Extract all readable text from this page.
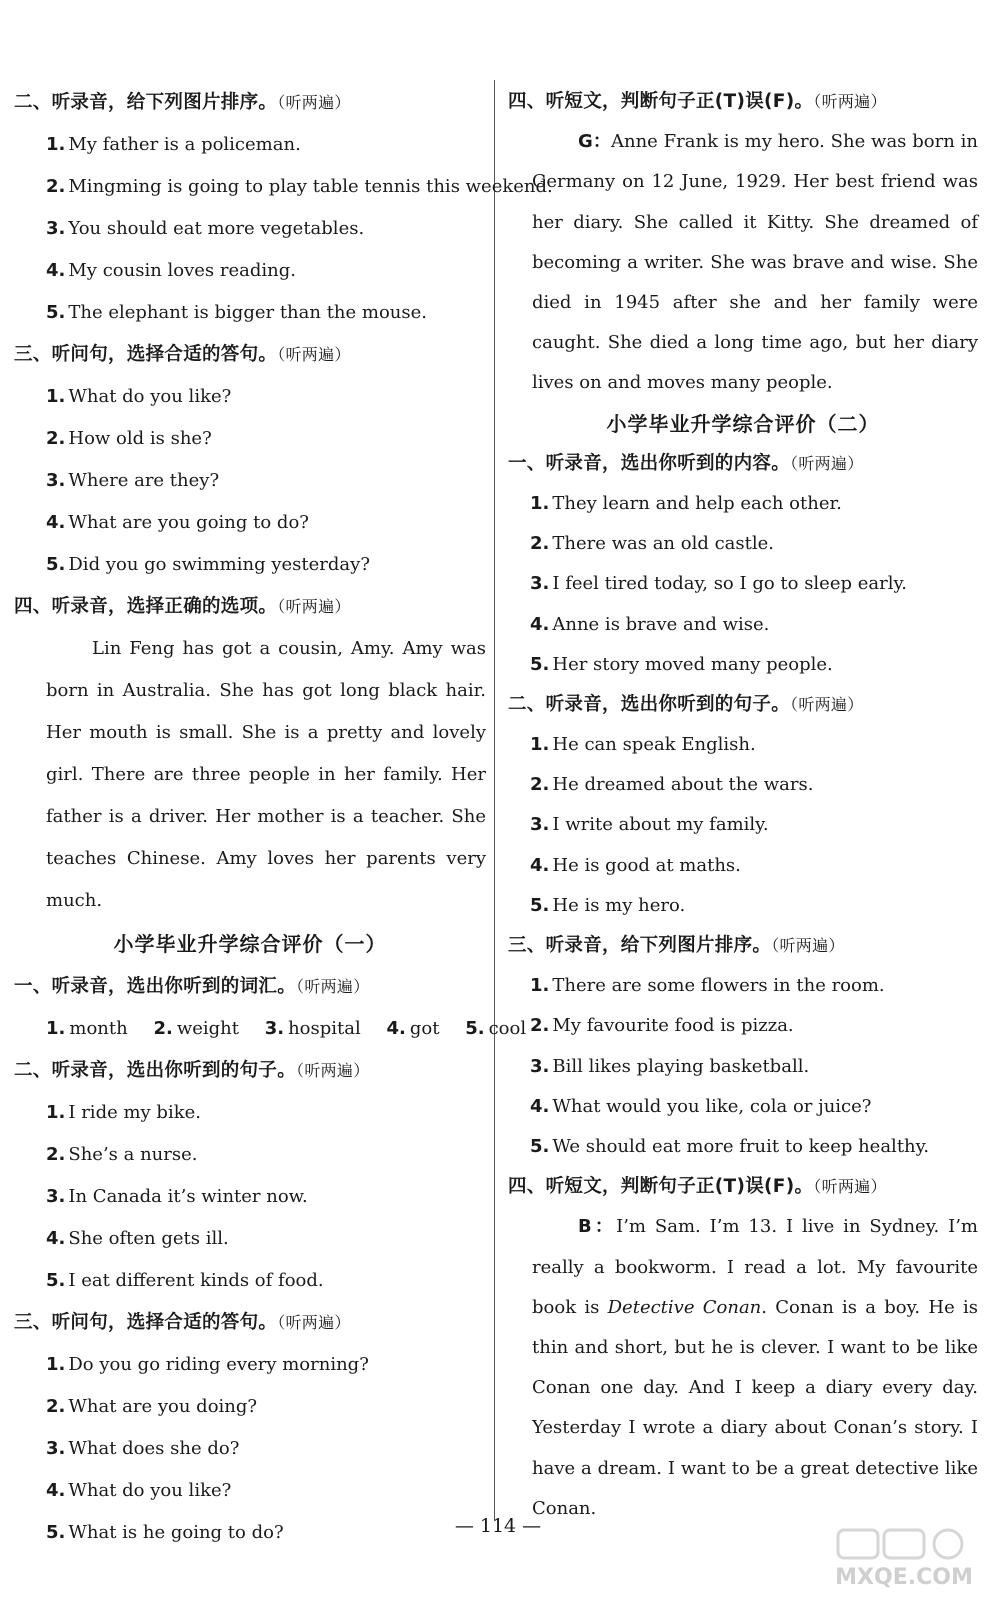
二、听录音，给下列图片排序。（听两遍）
1. My father is a policeman.
2. Mingming is going to play table tennis this weekend.
3. You should eat more vegetables.
4. My cousin loves reading.
5. The elephant is bigger than the mouse.
三、听问句，选择合适的答句。（听两遍）
1. What do you like?
2. How old is she?
3. Where are they?
4. What are you going to do?
5. Did you go swimming yesterday?
四、听录音，选择正确的选项。（听两遍）
Lin Feng has got a cousin, Amy. Amy was born in Australia. She has got long black hair. Her mouth is small. She is a pretty and lovely girl. There are three people in her family. Her father is a driver. Her mother is a teacher. She teaches Chinese. Amy loves her parents very much.
小学毕业升学综合评价（一）
一、听录音，选出你听到的词汇。（听两遍）
1. month 2. weight 3. hospital 4. got 5. cool
二、听录音，选出你听到的句子。（听两遍）
1. I ride my bike.
2. She’s a nurse.
3. In Canada it’s winter now.
4. She often gets ill.
5. I eat different kinds of food.
三、听问句，选择合适的答句。（听两遍）
1. Do you go riding every morning?
2. What are you doing?
3. What does she do?
4. What do you like?
5. What is he going to do?
四、听短文，判断句子正(T)误(F)。（听两遍）
G：Anne Frank is my hero. She was born in Germany on 12 June, 1929. Her best friend was her diary. She called it Kitty. She dreamed of becoming a writer. She was brave and wise. She died in 1945 after she and her family were caught. She died a long time ago, but her diary lives on and moves many people.
小学毕业升学综合评价（二）
一、听录音，选出你听到的内容。（听两遍）
1. They learn and help each other.
2. There was an old castle.
3. I feel tired today, so I go to sleep early.
4. Anne is brave and wise.
5. Her story moved many people.
二、听录音，选出你听到的句子。（听两遍）
1. He can speak English.
2. He dreamed about the wars.
3. I write about my family.
4. He is good at maths.
5. He is my hero.
三、听录音，给下列图片排序。（听两遍）
1. There are some flowers in the room.
2. My favourite food is pizza.
3. Bill likes playing basketball.
4. What would you like, cola or juice?
5. We should eat more fruit to keep healthy.
四、听短文，判断句子正(T)误(F)。（听两遍）
B：I’m Sam. I’m 13. I live in Sydney. I’m really a bookworm. I read a lot. My favourite book is Detective Conan. Conan is a boy. He is thin and short, but he is clever. I want to be like Conan one day. And I keep a diary every day. Yesterday I wrote a diary about Conan’s story. I have a dream. I want to be a great detective like Conan.
— 114 —
MXQE.COM
